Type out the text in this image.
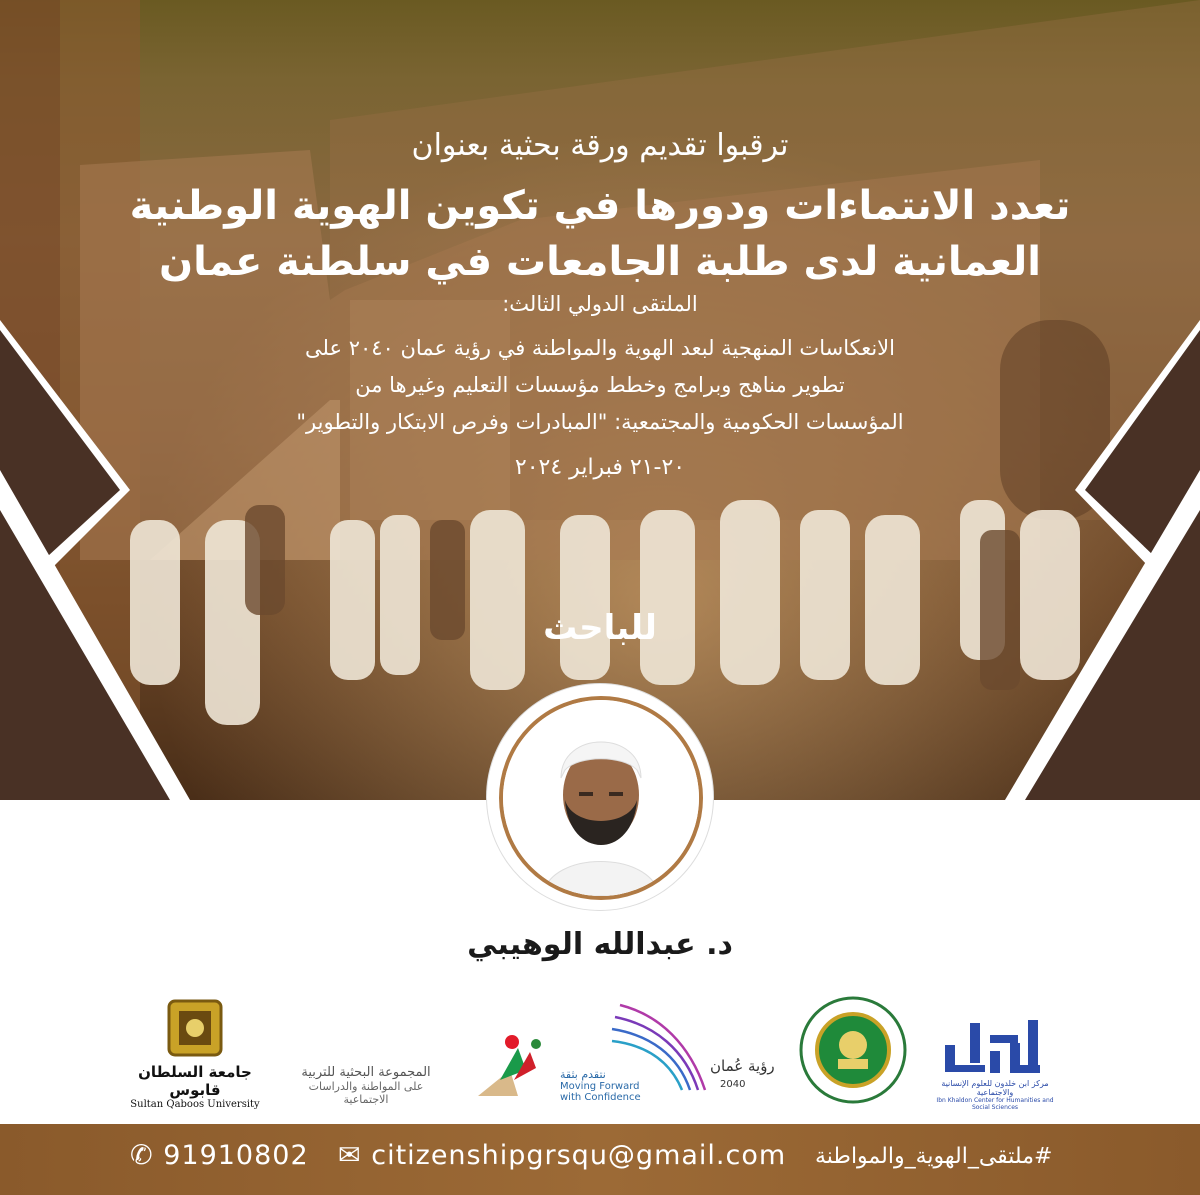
ترقبوا تقديم ورقة بحثية بعنوان
تعدد الانتماءات ودورها في تكوين الهوية الوطنية
العمانية لدى طلبة الجامعات في سلطنة عمان
الملتقى الدولي الثالث:
الانعكاسات المنهجية لبعد الهوية والمواطنة في رؤية عمان ٢٠٤٠ على
تطوير مناهج وبرامج وخطط مؤسسات التعليم وغيرها من
المؤسسات الحكومية والمجتمعية: "المبادرات وفرص الابتكار والتطوير"
٢٠-٢١ فبراير ٢٠٢٤
للباحث
د. عبدالله الوهيبي
جامعة السلطان قابوس
Sultan Qaboos University
المجموعة البحثية للتربية
على المواطنة والدراسات الاجتماعية
نتقدم بثقة
Moving Forward
with Confidence
رؤية عُمان
2040	مركز ابن خلدون للعلوم الإنسانية والاجتماعية
Ibn Khaldon Center for Humanities and Social Sciences
✆ 91910802 ✉ citizenshipgrsqu@gmail.com #ملتقى_الهوية_والمواطنة
